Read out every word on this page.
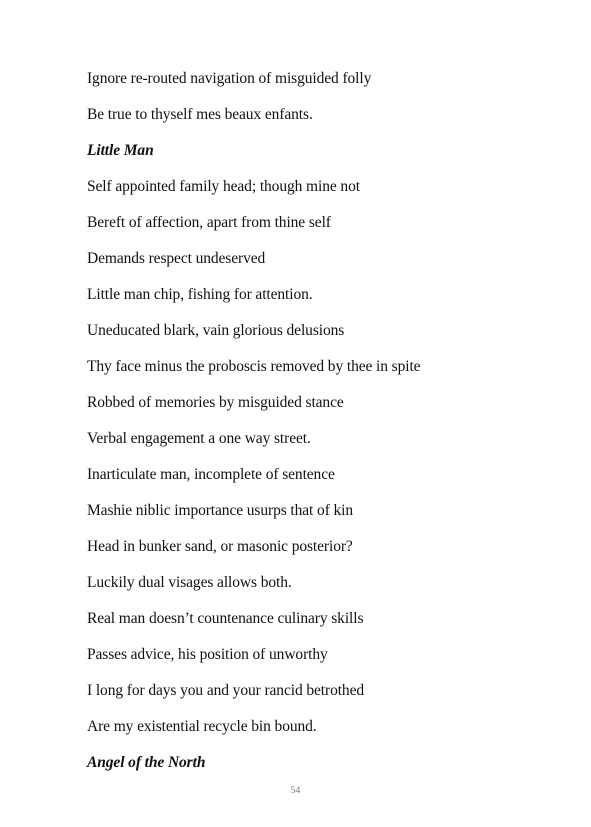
Ignore re-routed navigation of misguided folly
Be true to thyself mes beaux enfants.
Little Man
Self appointed family head; though mine not
Bereft of affection, apart from thine self
Demands respect undeserved
Little man chip, fishing for attention.
Uneducated blark, vain glorious delusions
Thy face minus the proboscis removed by thee in spite
Robbed of memories by misguided stance
Verbal engagement a one way street.
Inarticulate man, incomplete of sentence
Mashie niblic importance usurps that of kin
Head in bunker sand, or masonic posterior?
Luckily dual visages allows both.
Real man doesn’t countenance culinary skills
Passes advice, his position of unworthy
I long for days you and your rancid betrothed
Are my existential recycle bin bound.
Angel of the North
54
